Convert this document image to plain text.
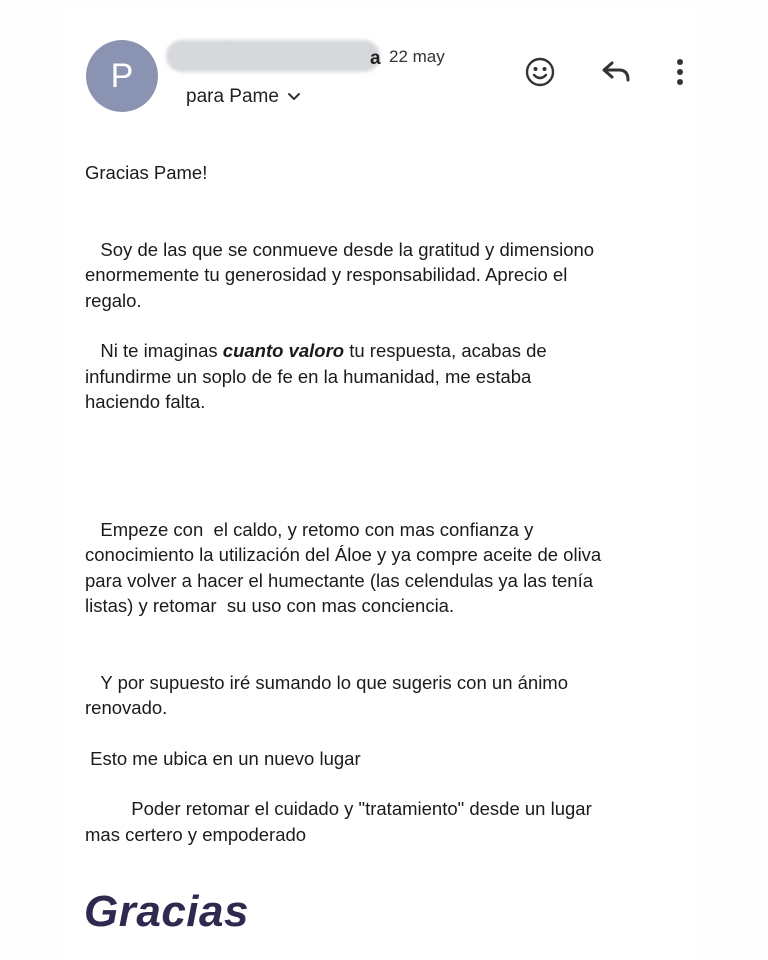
P	a 22 may
para Pame

Gracias Pame!

Soy de las que se conmueve desde la gratitud y dimensiono
enormemente tu generosidad y responsabilidad. Aprecio el
regalo.

Ni te imaginas cuanto valoro tu respuesta, acabas de
infundirme un soplo de fe en la humanidad, me estaba
haciendo falta.

Empeze con  el caldo, y retomo con mas confianza y
conocimiento la utilización del Áloe y ya compre aceite de oliva
para volver a hacer el humectante (las celendulas ya las tenía
listas) y retomar  su uso con mas conciencia.

Y por supuesto iré sumando lo que sugeris con un ánimo
renovado.

Esto me ubica en un nuevo lugar

Poder retomar el cuidado y "tratamiento" desde un lugar
mas certero y empoderado

Gracias
